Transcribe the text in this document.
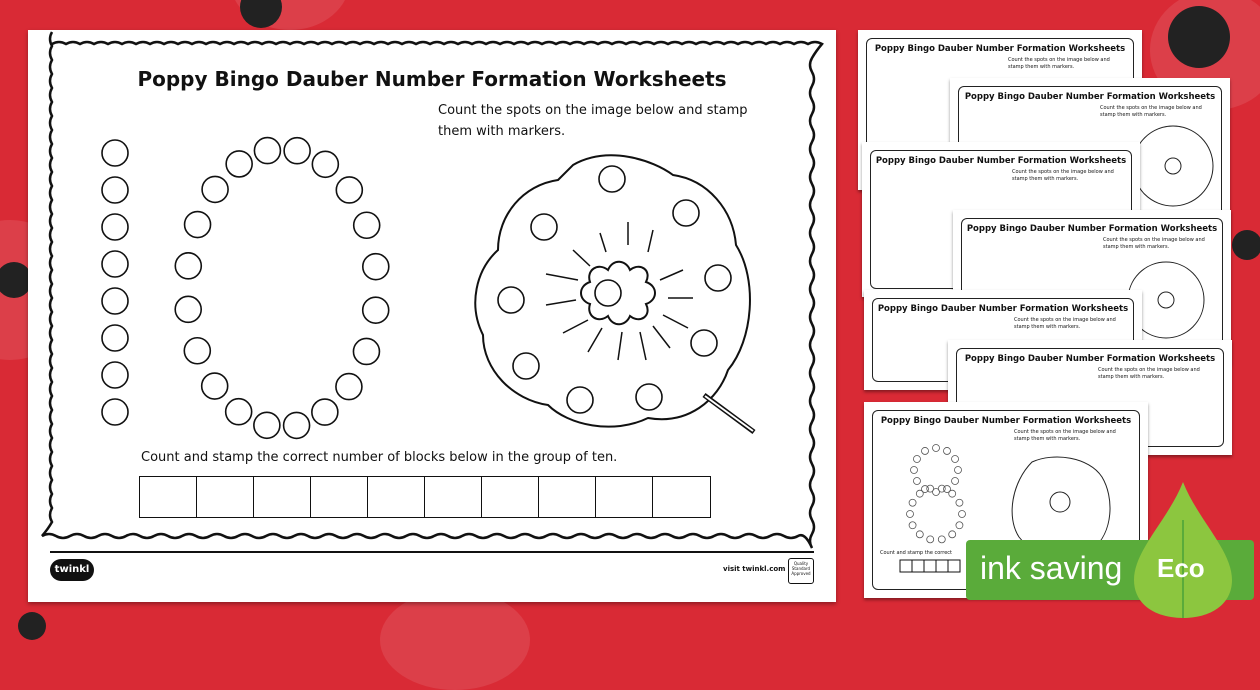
Poppy Bingo Dauber Number Formation Worksheets
Count the spots on the image below and stamp them with markers.
Count and stamp the correct number of blocks below in the group of ten.
twinkl	visit twinkl.com
Quality Standard Approved
Poppy Bingo Dauber Number Formation Worksheets
Count the spots on the image below and stamp them with markers.
Poppy Bingo Dauber Number Formation Worksheets
Count the spots on the image below and stamp them with markers.
Poppy Bingo Dauber Number Formation Worksheets
Count the spots on the image below and stamp them with markers.
Poppy Bingo Dauber Number Formation Worksheets
Count the spots on the image below and stamp them with markers.
Poppy Bingo Dauber Number Formation Worksheets
Count the spots on the image below and stamp them with markers.
Poppy Bingo Dauber Number Formation Worksheets
Count the spots on the image below and stamp them with markers.
Poppy Bingo Dauber Number Formation Worksheets
Count the spots on the image below and stamp them with markers.
Count and stamp the correct ink saving Eco
